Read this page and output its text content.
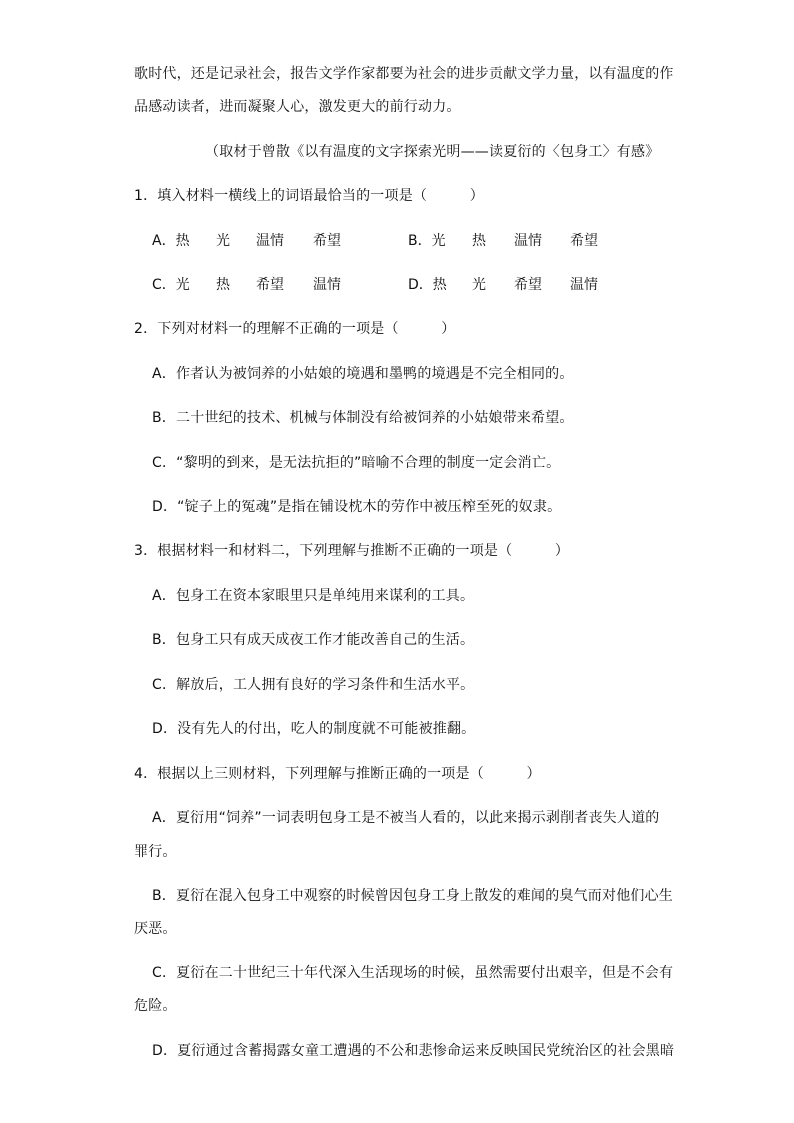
歌时代，还是记录社会，报告文学作家都要为社会的进步贡献文学力量，以有温度的作
品感动读者，进而凝聚人心，激发更大的前行动力。
（取材于曾散《以有温度的文字探索光明——读夏衍的〈包身工〉有感》
1．填入材料一横线上的词语最恰当的一项是（　　　）
A．热 光 温情 希望	B．光 热 温情 希望
C．光 热 希望 温情	D．热 光 希望 温情
2．下列对材料一的理解不正确的一项是（　　　）
A．作者认为被饲养的小姑娘的境遇和墨鸭的境遇是不完全相同的。
B．二十世纪的技术、机械与体制没有给被饲养的小姑娘带来希望。
C．“黎明的到来，是无法抗拒的”暗喻不合理的制度一定会消亡。
D．“锭子上的冤魂”是指在铺设枕木的劳作中被压榨至死的奴隶。
3．根据材料一和材料二，下列理解与推断不正确的一项是（　　　）
A．包身工在资本家眼里只是单纯用来谋利的工具。
B．包身工只有成天成夜工作才能改善自己的生活。
C．解放后，工人拥有良好的学习条件和生活水平。
D．没有先人的付出，吃人的制度就不可能被推翻。
4．根据以上三则材料，下列理解与推断正确的一项是（　　　）
A．夏衍用“饲养”一词表明包身工是不被当人看的，以此来揭示剥削者丧失人道的
罪行。
B．夏衍在混入包身工中观察的时候曾因包身工身上散发的难闻的臭气而对他们心生
厌恶。
C．夏衍在二十世纪三十年代深入生活现场的时候，虽然需要付出艰辛，但是不会有
危险。
D．夏衍通过含蓄揭露女童工遭遇的不公和悲惨命运来反映国民党统治区的社会黑暗
